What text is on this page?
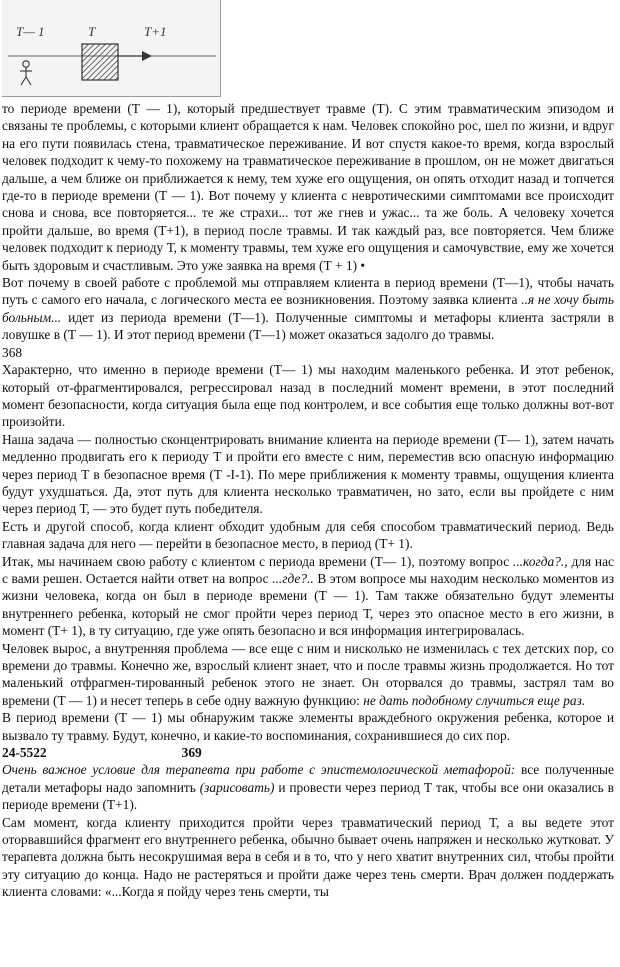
T— 1	T	T+1

то периоде времени (Т — 1), который предшествует травме (Т). С этим травматическим эпизодом и связаны те проблемы, с которыми клиент обращается к нам. Человек спокойно рос, шел по жизни, и вдруг на его пути появилась стена, травматическое переживание. И вот спустя какое-то время, когда взрослый человек подходит к чему-то похожему на травматическое переживание в прошлом, он не может двигаться дальше, а чем ближе он приближается к нему, тем хуже его ощущения, он опять отходит назад и топчется где-то в периоде времени (Т — 1). Вот почему у клиента с невротическими симптомами все происходит снова и снова, все повторяется... те же страхи... тот же гнев и ужас... та же боль. А человеку хочется пройти дальше, во время (Т+1), в период после травмы. И так каждый раз, все повторяется. Чем ближе человек подходит к периоду Т, к моменту травмы, тем хуже его ощущения и самочувствие, ему же хочется быть здоровым и счастливым. Это уже заявка на время (Т + 1) •

Вот почему в своей работе с проблемой мы отправляем клиента в период времени (Т—1), чтобы начать путь с самого его начала, с логического места ее возникновения. Поэтому заявка клиента ..я не хочу быть больным... идет из периода времени (Т—1). Полученные симптомы и метафоры клиента застряли в ловушке в (Т — 1). И этот период времени (Т—1) может оказаться задолго до травмы.

368

Характерно, что именно в периоде времени (Т— 1) мы находим маленького ребенка. И этот ребенок, который от-фрагментировался, регрессировал назад в последний момент времени, в этот последний момент безопасности, когда ситуация была еще под контролем, и все события еще только должны вот-вот произойти.

Наша задача — полностью сконцентрировать внимание клиента на периоде времени (Т— 1), затем начать медленно продвигать его к периоду Т и пройти его вместе с ним, переместив всю опасную информацию через период Т в безопасное время (Т -I-1). По мере приближения к моменту травмы, ощущения клиента будут ухудшаться. Да, этот путь для клиента несколько травматичен, но зато, если вы пройдете с ним через период Т, — это будет путь победителя.

Есть и другой способ, когда клиент обходит удобным для себя способом травматический период. Ведь главная задача для него — перейти в безопасное место, в период (Т+ 1).

Итак, мы начинаем свою работу с клиентом с периода времени (Т— 1), поэтому вопрос ...когда?., для нас с вами решен. Остается найти ответ на вопрос ...где?.. В этом вопросе мы находим несколько моментов из жизни человека, когда он был в периоде времени (Т — 1). Там также обязательно будут элементы внутреннего ребенка, который не смог пройти через период Т, через это опасное место в его жизни, в момент (Т+ 1), в ту ситуацию, где уже опять безопасно и вся информация интегрировалась.

Человек вырос, а внутренняя проблема — все еще с ним и нисколько не изменилась с тех детских пор, со времени до травмы. Конечно же, взрослый клиент знает, что и после травмы жизнь продолжается. Но тот маленький отфрагмен-тированный ребенок этого не знает. Он оторвался до травмы, застрял там во времени (Т — 1) и несет теперь в себе одну важную функцию: не дать подобному случиться еще раз.

В период времени (Т — 1) мы обнаружим также элементы враждебного окружения ребенка, которое и вызвало ту травму. Будут, конечно, и какие-то воспоминания, сохранившиеся до сих пор.

24-5522	369

Очень важное условие для терапевта при работе с эпистемологической метафорой: все полученные детали метафоры надо запомнить (зарисовать) и провести через период Т так, чтобы все они оказались в периоде времени (Т+1).

Сам момент, когда клиенту приходится пройти через травматический период Т, а вы ведете этот оторвавшийся фрагмент его внутреннего ребенка, обычно бывает очень напряжен и несколько жутковат. У терапевта должна быть несокрушимая вера в себя и в то, что у него хватит внутренних сил, чтобы пройти эту ситуацию до конца. Надо не растеряться и пройти даже через тень смерти. Врач должен поддержать клиента словами: «...Когда я пойду через тень смерти, ты
